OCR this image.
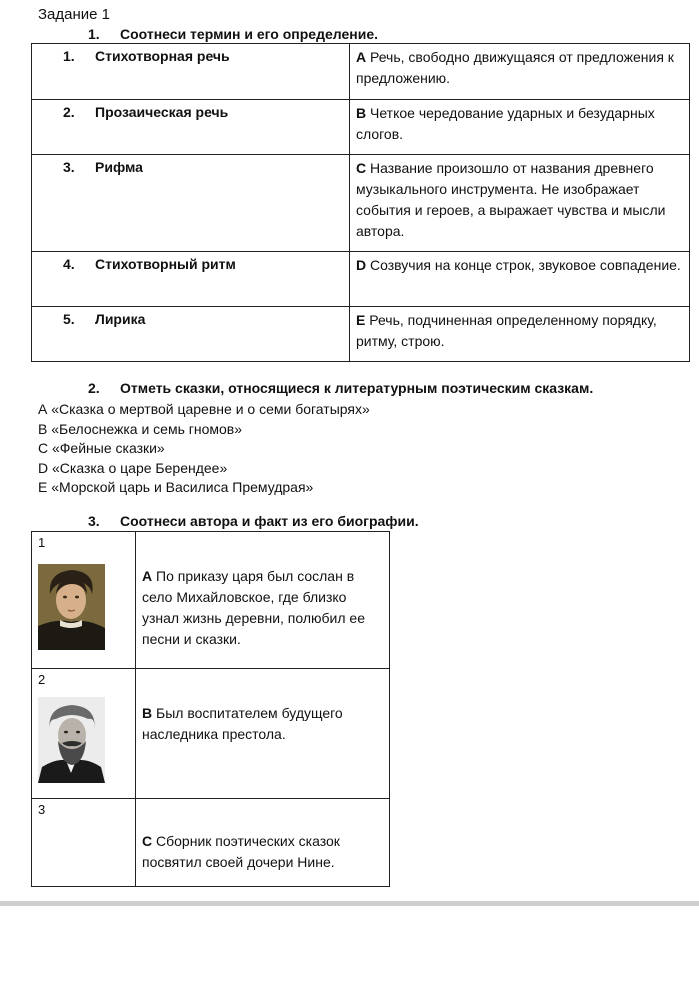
Задание 1
1. Соотнеси термин и его определение.
1. Стихотворная речь	А Речь, свободно движущаяся от предложения к предложению.

2. Прозаическая речь	В Четкое чередование ударных и безударных слогов.

3. Рифма	С Название произошло от названия древнего музыкального инструмента. Не изображает события и героев, а выражает чувства и мысли автора.

4. Стихотворный ритм	D Созвучия на конце строк, звуковое совпадение.

5. Лирика	Е Речь, подчиненная определенному порядку, ритму, строю.
2. Отметь сказки, относящиеся к литературным поэтическим сказкам.
А «Сказка о мертвой царевне и о семи богатырях»
В «Белоснежка и семь гномов»
С «Фейные сказки»
D «Сказка о царе Берендее»
Е «Морской царь и Василиса Премудрая»
3. Соотнеси автора и факт из его биографии.
1	А По приказу царя был сослан в село Михайловское, где близко узнал жизнь деревни, полюбил ее песни и сказки.

2	В Был воспитателем будущего наследника престола.

3	С Сборник поэтических сказок посвятил своей дочери Нине.
